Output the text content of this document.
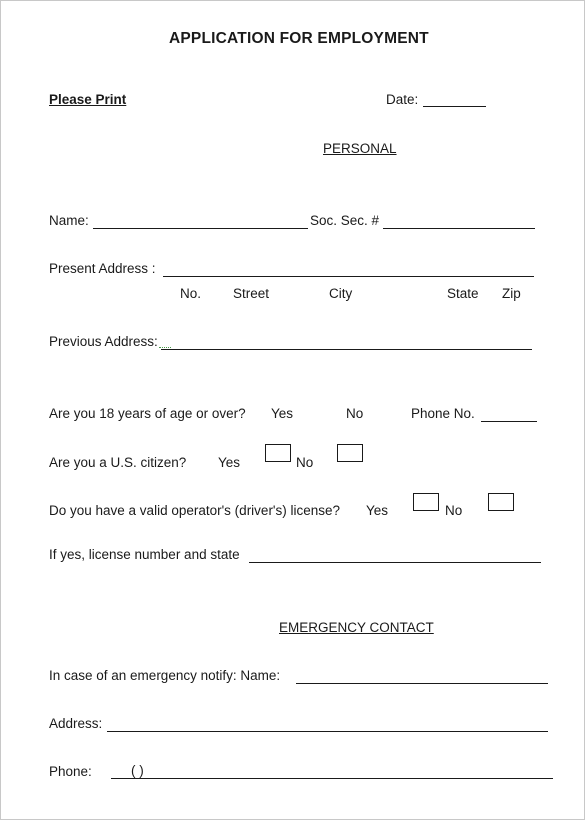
APPLICATION FOR EMPLOYMENT
Please Print	Date:
PERSONAL
Name:	Soc. Sec. #
Present Address :
No. Street	City	State Zip
Previous Address:
Are you 18 years of age or over? Yes	No	Phone No.
Are you a U.S. citizen? Yes	No
Do you have a valid operator's (driver's) license? Yes	No
If yes, license number and state
EMERGENCY CONTACT
In case of an emergency notify: Name:
Address:
Phone:	( )
